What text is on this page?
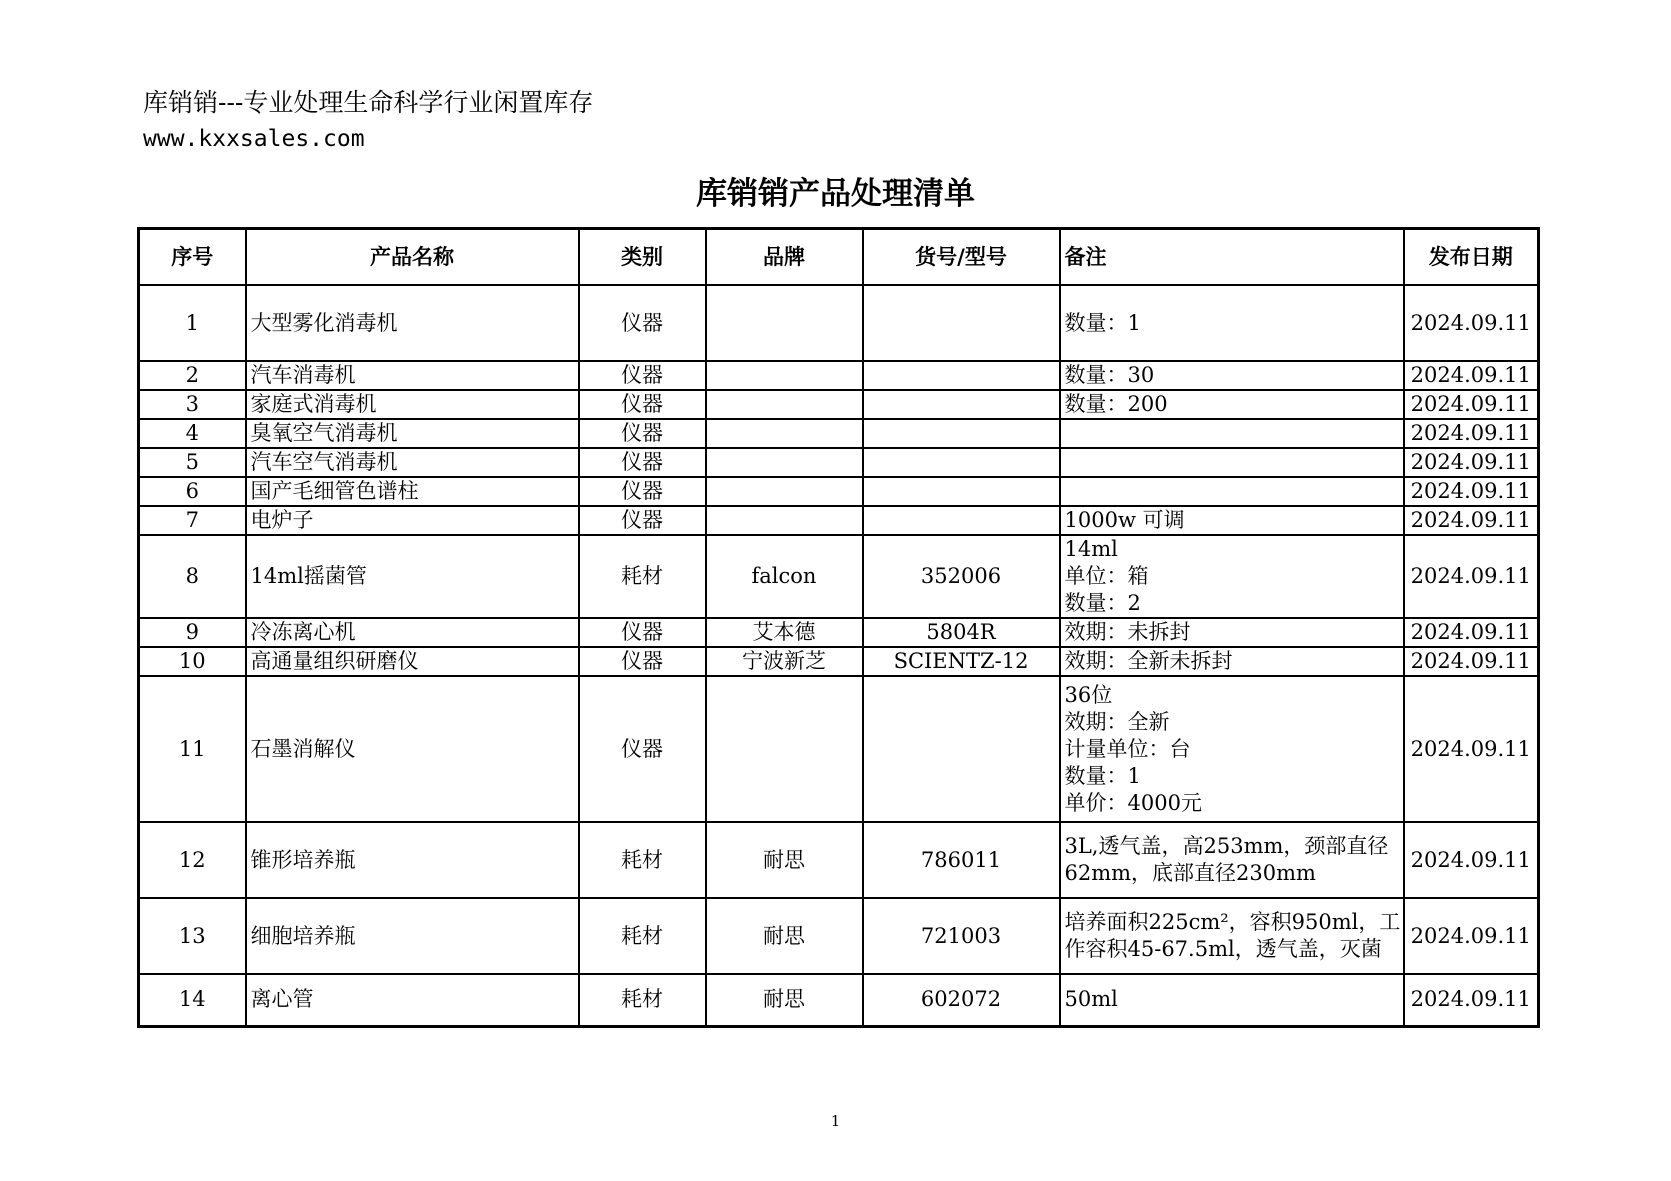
库销销---专业处理生命科学行业闲置库存
www.kxxsales.com
库销销产品处理清单
序号	产品名称	类别	品牌	货号/型号	备注	发布日期
1	大型雾化消毒机	仪器			数量：1	2024.09.11
2	汽车消毒机	仪器			数量：30	2024.09.11
3	家庭式消毒机	仪器			数量：200	2024.09.11
4	臭氧空气消毒机	仪器				2024.09.11
5	汽车空气消毒机	仪器				2024.09.11
6	国产毛细管色谱柱	仪器				2024.09.11
7	电炉子	仪器			1000w 可调	2024.09.11
8	14ml摇菌管	耗材	falcon	352006	14ml
单位：箱
数量：2	2024.09.11
9	冷冻离心机	仪器	艾本德	5804R	效期：未拆封	2024.09.11
10	高通量组织研磨仪	仪器	宁波新芝	SCIENTZ-12	效期：全新未拆封	2024.09.11
11	石墨消解仪	仪器			36位
效期：全新
计量单位：台
数量：1
单价：4000元	2024.09.11
12	锥形培养瓶	耗材	耐思	786011	3L,透气盖，高253mm，颈部直径
62mm，底部直径230mm	2024.09.11
13	细胞培养瓶	耗材	耐思	721003	培养面积225cm²，容积950ml，工
作容积45-67.5ml，透气盖，灭菌	2024.09.11
14	离心管	耗材	耐思	602072	50ml	2024.09.11
1
